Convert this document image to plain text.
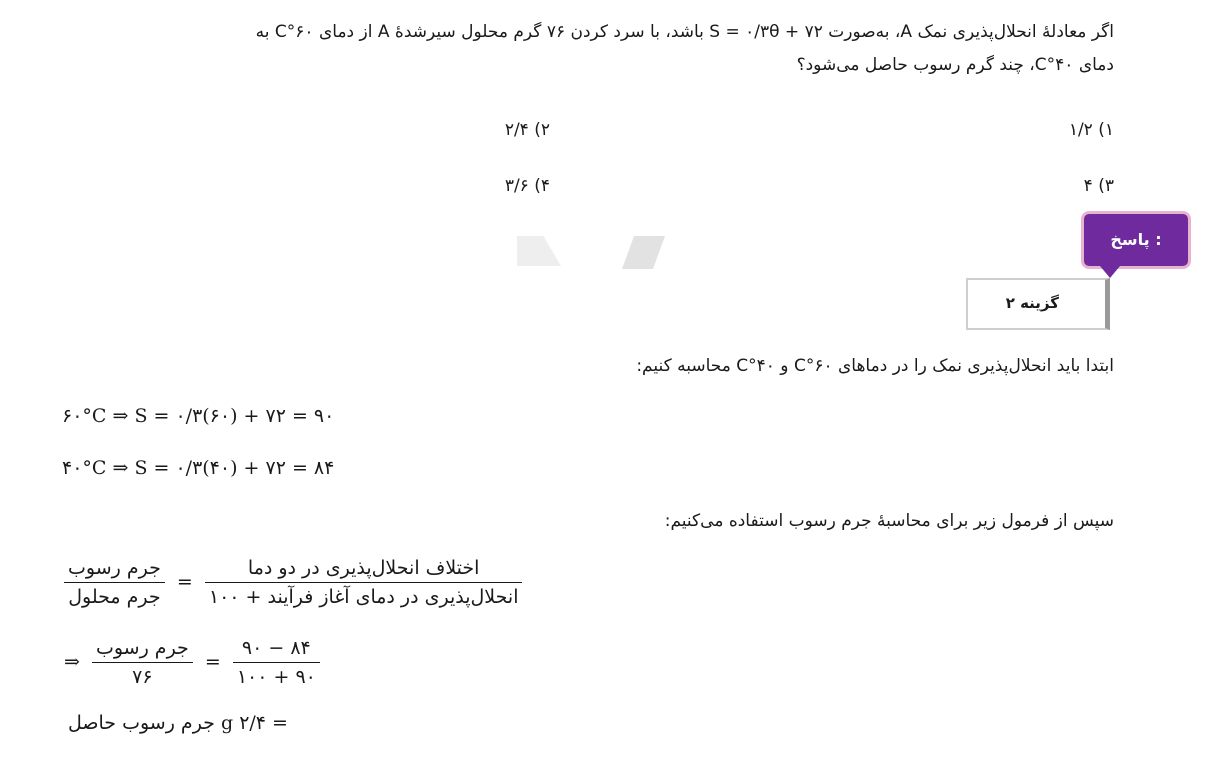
اگر معادلهٔ انحلال‌پذیری نمک A، به‌صورت S = ۰/۳θ + ۷۲ باشد، با سرد کردن ۷۶ گرم محلول سیرشدهٔ A از دمای ۶۰°C به
دمای ۴۰°C، چند گرم رسوب حاصل می‌شود؟
۱) ۱/۲
۲) ۲/۴
۳) ۴
۴) ۳/۶
گزینه ۲
پاسخ :
ابتدا باید انحلال‌پذیری نمک را در دماهای ۶۰°C و ۴۰°C محاسبه کنیم:
۶۰°C ⇒ S = ۰/۳(۶۰) + ۷۲ = ۹۰
۴۰°C ⇒ S = ۰/۳(۴۰) + ۷۲ = ۸۴
سپس از فرمول زیر برای محاسبهٔ جرم رسوب استفاده می‌کنیم:
$\frac{\text{جرم رسوب}}{\text{جرم محلول}} = \frac{\text{اختلاف انحلال‌پذیری در دو دما}}{\text{انحلال‌پذیری در دمای آغاز فرآیند + ۱۰۰}}$
⇒ $\frac{\text{جرم رسوب}}{۷۶} = \frac{۹۰ - ۸۴}{۱۰۰ + ۹۰}$
جرم رسوب حاصل = ۲/۴ g
